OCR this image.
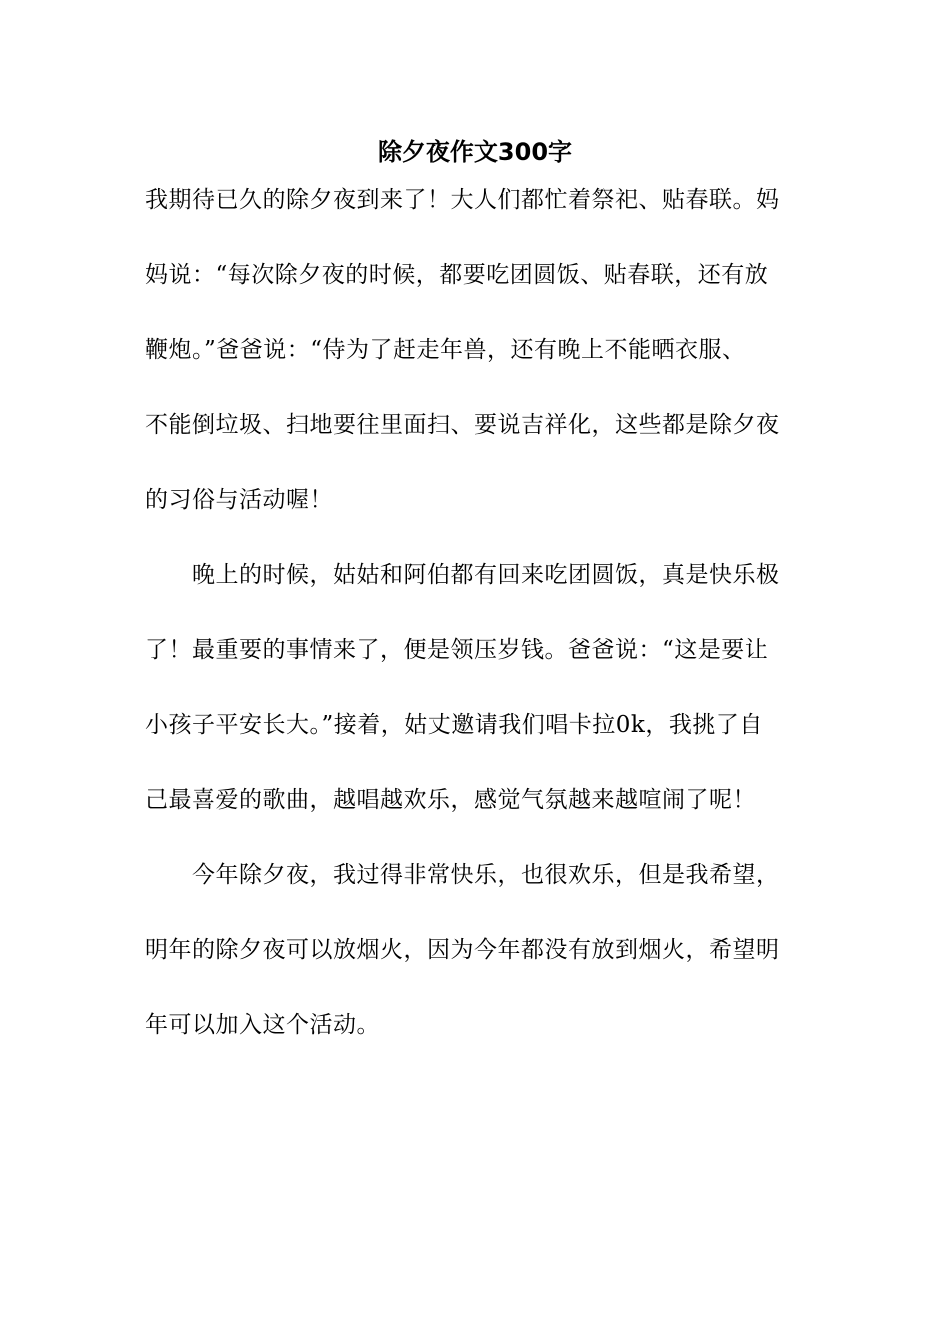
除夕夜作文300字
我期待已久的除夕夜到来了！大人们都忙着祭祀、贴春联。妈
妈说：“每次除夕夜的时候，都要吃团圆饭、贴春联，还有放
鞭炮。”爸爸说：“侍为了赶走年兽，还有晚上不能晒衣服、
不能倒垃圾、扫地要往里面扫、要说吉祥化，这些都是除夕夜
的习俗与活动喔！
　　晚上的时候，姑姑和阿伯都有回来吃团圆饭，真是快乐极
了！最重要的事情来了，便是领压岁钱。爸爸说：“这是要让
小孩子平安长大。”接着，姑丈邀请我们唱卡拉0k，我挑了自
己最喜爱的歌曲，越唱越欢乐，感觉气氛越来越喧闹了呢！
　　今年除夕夜，我过得非常快乐，也很欢乐，但是我希望，
明年的除夕夜可以放烟火，因为今年都没有放到烟火，希望明
年可以加入这个活动。
